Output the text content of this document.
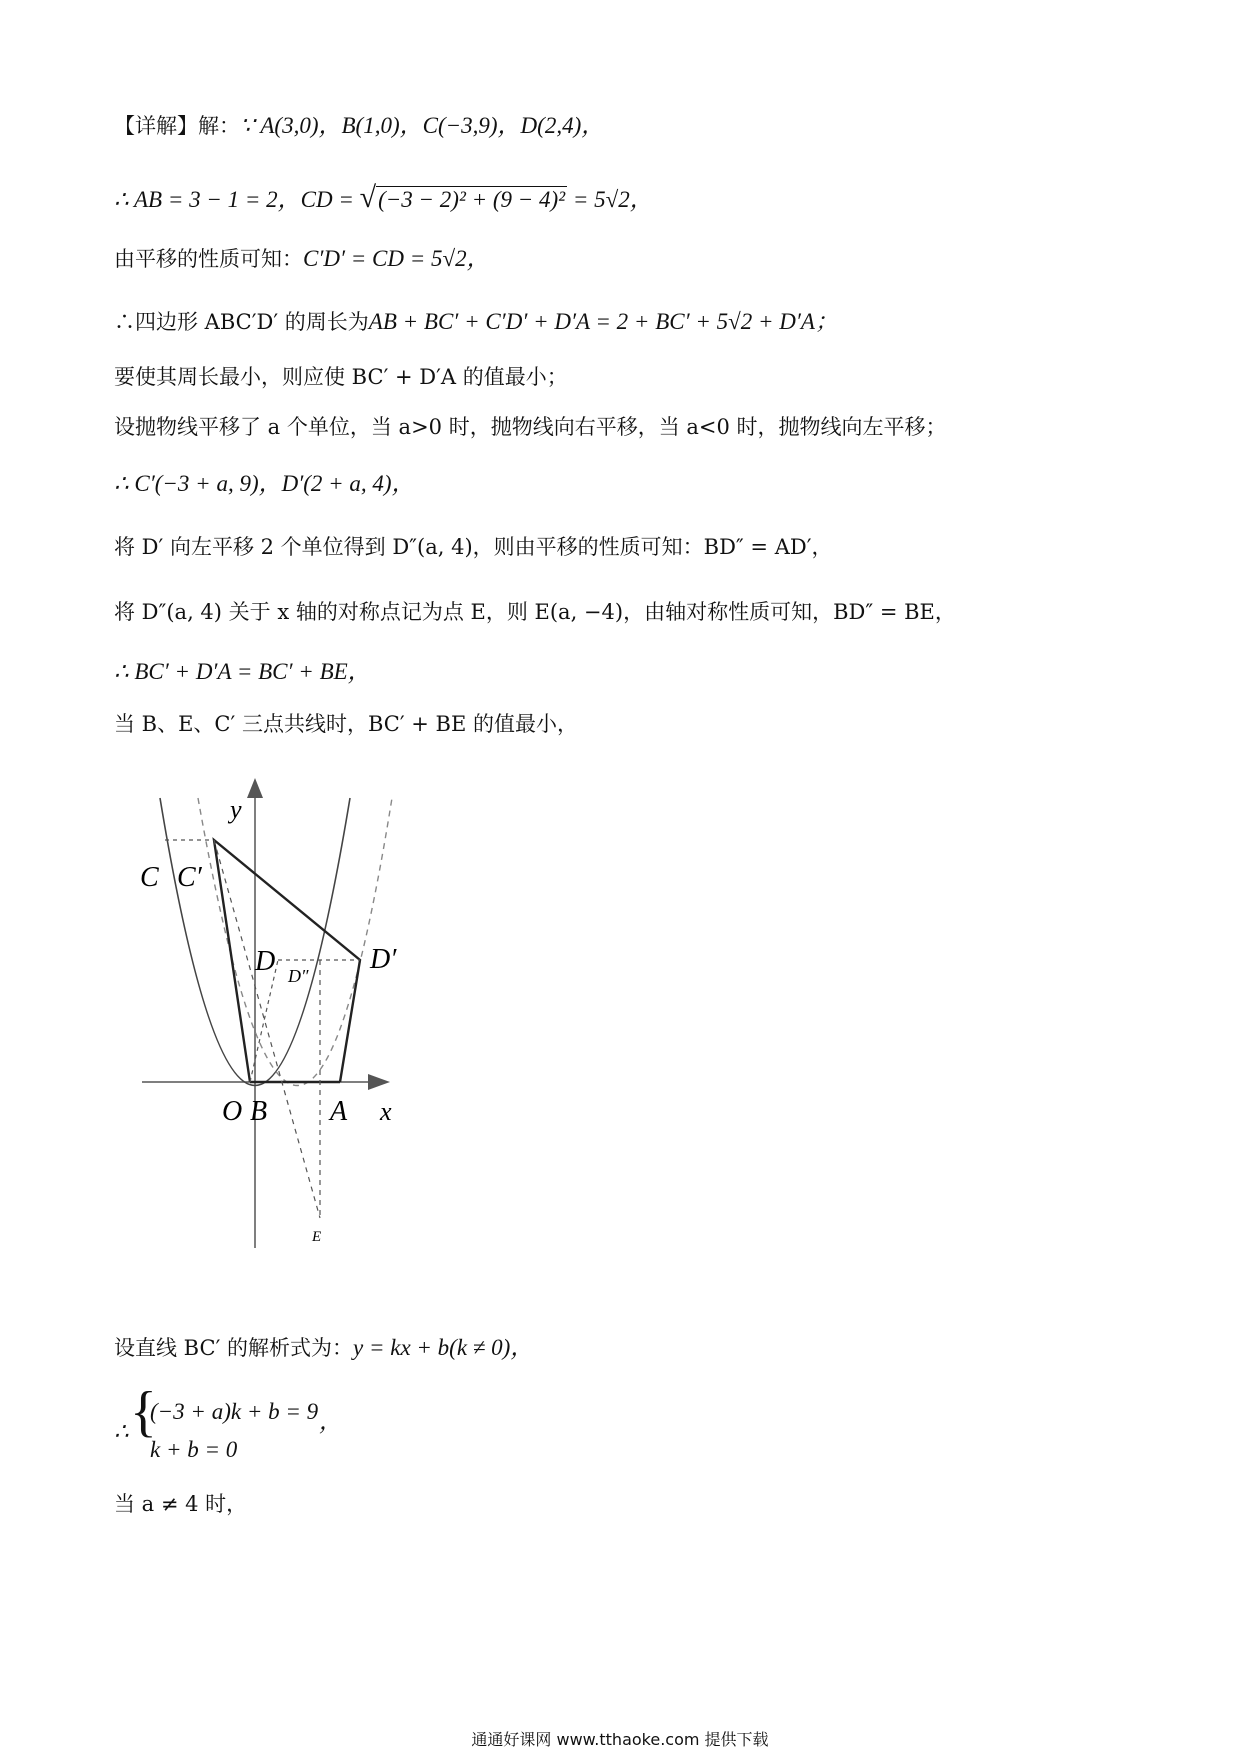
【详解】解：∵ A(3,0)，B(1,0)，C(−3,9)，D(2,4)，
∴ AB = 3 − 1 = 2，CD = √(−3 − 2)² + (9 − 4)² = 5√2，
由平移的性质可知：C′D′ = CD = 5√2，
∴四边形 ABC′D′ 的周长为AB + BC′ + C′D′ + D′A = 2 + BC′ + 5√2 + D′A；
要使其周长最小，则应使 BC′ + D′A 的值最小；
设抛物线平移了 a 个单位，当 a>0 时，抛物线向右平移，当 a<0 时，抛物线向左平移；
∴ C′(−3 + a, 9)，D′(2 + a, 4)，
将 D′ 向左平移 2 个单位得到 D″(a, 4)，则由平移的性质可知：BD″ = AD′，
将 D″(a, 4) 关于 x 轴的对称点记为点 E，则 E(a, −4)，由轴对称性质可知，BD″ = BE，
∴ BC′ + D′A = BC′ + BE，
当 B、E、C′ 三点共线时，BC′ + BE 的值最小，
y
C C′
D D″
D′
O B A x
E
设直线 BC′ 的解析式为：y = kx + b(k ≠ 0)，
∴ {
(−3 + a)k + b = 9
k + b = 0
，
当 a ≠ 4 时，
通通好课网 www.tthaoke.com 提供下载
